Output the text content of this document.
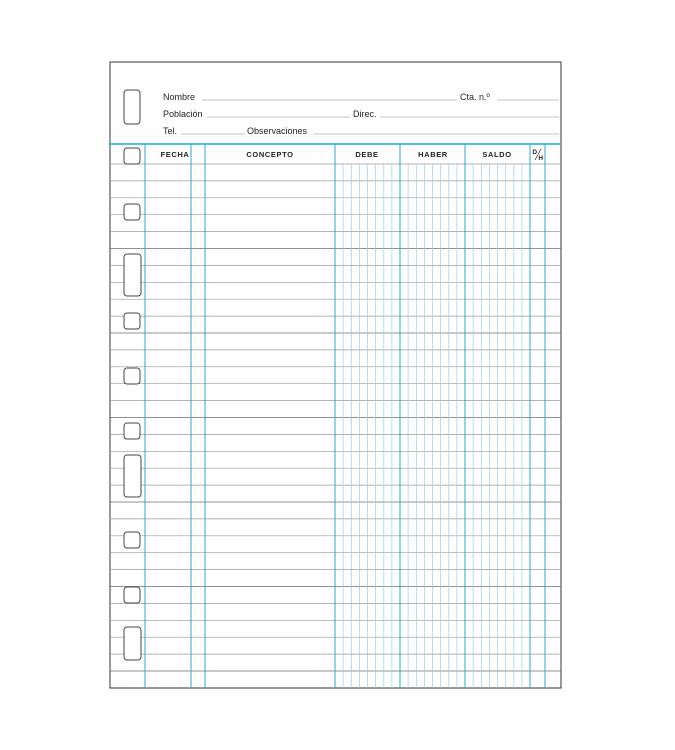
Nombre	Cta. n.º
Población	Direc.
Tel.	Observaciones
FECHA	CONCEPTO	DEBE	HABER	SALDO	D
H
